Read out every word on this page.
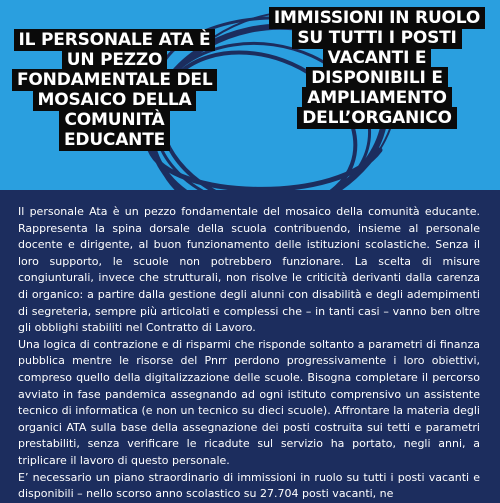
IL PERSONALE ATA È UN PEZZO FONDAMENTALE DEL MOSAICO DELLA COMUNITÀ EDUCANTE
IMMISSIONI IN RUOLO SU TUTTI I POSTI VACANTI E DISPONIBILI E AMPLIAMENTO DELL’ORGANICO

Il personale Ata è un pezzo fondamentale del mosaico della comunità educante. Rappresenta la spina dorsale della scuola contribuendo, insieme al personale docente e dirigente, al buon funzionamento delle istituzioni scolastiche. Senza il loro supporto, le scuole non potrebbero funzionare. La scelta di misure congiunturali, invece che strutturali, non risolve le criticità derivanti dalla carenza di organico: a partire dalla gestione degli alunni con disabilità e degli adempimenti di segreteria, sempre più articolati e complessi che – in tanti casi – vanno ben oltre gli obblighi stabiliti nel Contratto di Lavoro.

Una logica di contrazione e di risparmi che risponde soltanto a parametri di finanza pubblica mentre le risorse del Pnrr perdono progressivamente i loro obiettivi, compreso quello della digitalizzazione delle scuole. Bisogna completare il percorso avviato in fase pandemica assegnando ad ogni istituto comprensivo un assistente tecnico di informatica (e non un tecnico su dieci scuole). Affrontare la materia degli organici ATA sulla base della assegnazione dei posti costruita sui tetti e parametri prestabiliti, senza verificare le ricadute sul servizio ha portato, negli anni, a triplicare il lavoro di questo personale.

E’ necessario un piano straordinario di immissioni in ruolo su tutti i posti vacanti e disponibili – nello scorso anno scolastico su 27.704 posti vacanti, ne
